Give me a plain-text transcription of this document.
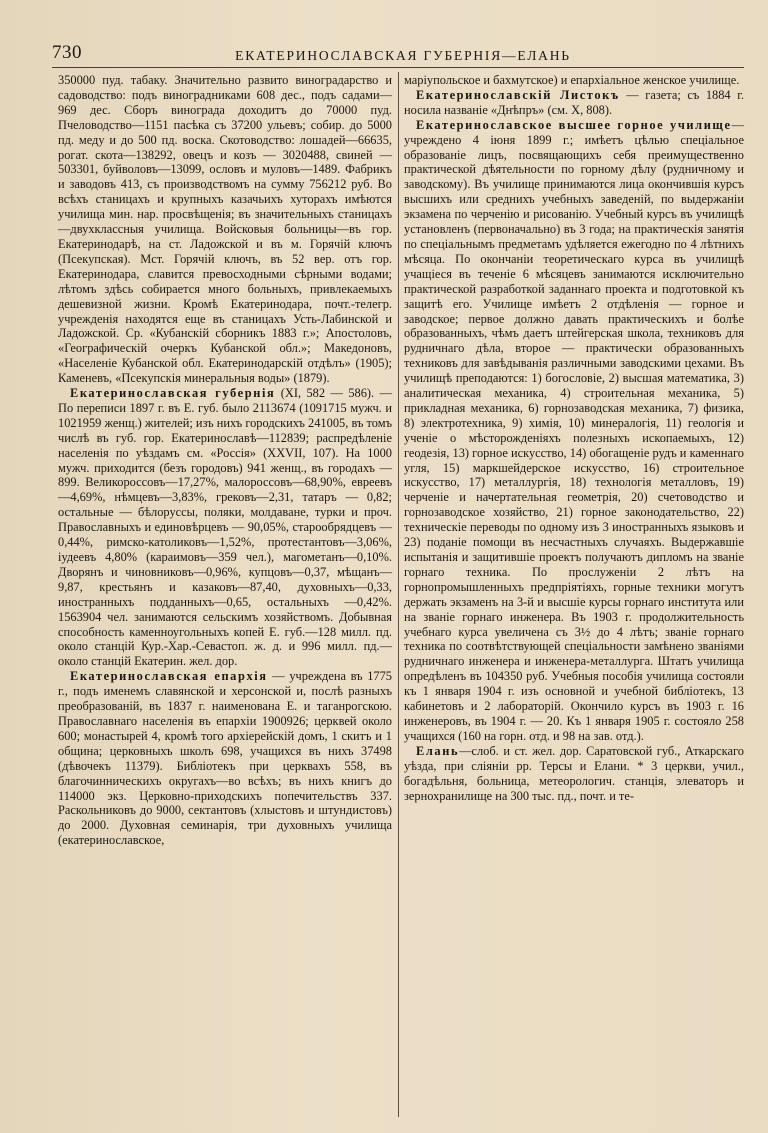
730	ЕКАТЕРИНОСЛАВСКАЯ ГУБЕРНІЯ—ЕЛАНЬ

350000 пуд. табаку. Значительно развито виноградарство и садоводство: подъ виноградниками 608 дес., подъ садами—969 дес. Сборъ винограда доходитъ до 70000 пуд. Пчеловодство—1151 пасѣка съ 37200 ульевъ; собир. до 5000 пд. меду и до 500 пд. воска. Скотоводство: лошадей—66635, рогат. скота—138292, овецъ и козъ — 3020488, свиней — 503301, буйволовъ—13099, ословъ и муловъ—1489. Фабрикъ и заводовъ 413, съ производствомъ на сумму 756212 руб. Во всѣхъ станицахъ и крупныхъ казачьихъ хуторахъ имѣются училища мин. нар. просвѣщенія; въ значительныхъ станицахъ—двухклассныя училища. Войсковыя больницы—въ гор. Екатеринодарѣ, на ст. Ладожской и въ м. Горячій ключъ (Псекупская). Мст. Горячій ключъ, въ 52 вер. отъ гор. Екатеринодара, славится превосходными сѣрными водами; лѣтомъ здѣсь собирается много больныхъ, привлекаемыхъ дешевизной жизни. Кромѣ Екатеринодара, почт.-телегр. учрежденія находятся еще въ станицахъ Усть-Лабинской и Ладожской. Ср. «Кубанскій сборникъ 1883 г.»; Апостоловъ, «Географическій очеркъ Кубанской обл.»; Македоновъ, «Населеніе Кубанской обл. Екатеринодарскій отдѣлъ» (1905); Каменевъ, «Псекупскія минеральныя воды» (1879).

Екатеринославская губернія (XI, 582 — 586). — По переписи 1897 г. въ Е. губ. было 2113674 (1091715 мужч. и 1021959 женщ.) жителей; изъ нихъ городскихъ 241005, въ томъ числѣ въ губ. гор. Екатеринославѣ—112839; распредѣленіе населенія по уѣздамъ см. «Россія» (XXVII, 107). На 1000 мужч. приходится (безъ городовъ) 941 женщ., въ городахъ — 899. Великороссовъ—17,27%, малороссовъ—68,90%, евреевъ—4,69%, нѣмцевъ—3,83%, грековъ—2,31, татаръ — 0,82; остальные — бѣлоруссы, поляки, молдаване, турки и проч. Православныхъ и единовѣрцевъ — 90,05%, старообрядцевъ — 0,44%, римско-католиковъ—1,52%, протестантовъ—3,06%, іудеевъ 4,80% (караимовъ—359 чел.), магометанъ—0,10%. Дворянъ и чиновниковъ—0,96%, купцовъ—0,37, мѣщанъ—9,87, крестьянъ и казаковъ—87,40, духовныхъ—0,33, иностранныхъ подданныхъ—0,65, остальныхъ —0,42%. 1563904 чел. занимаются сельскимъ хозяйствомъ. Добывная способность каменноугольныхъ копей Е. губ.—128 милл. пд. около станцій Кур.-Хар.-Севастоп. ж. д. и 996 милл. пд.—около станцій Екатерин. жел. дор.

Екатеринославская епархія — учреждена въ 1775 г., подъ именемъ славянской и херсонской и, послѣ разныхъ преобразованій, въ 1837 г. наименована Е. и таганрогскою. Православнаго населенія въ епархіи 1900926; церквей около 600; монастырей 4, кромѣ того архіерейскій домъ, 1 скитъ и 1 община; церковныхъ школъ 698, учащихся въ нихъ 37498 (дѣвочекъ 11379). Библіотекъ при церквахъ 558, въ благочинническихъ округахъ—во всѣхъ; въ нихъ книгъ до 114000 экз. Церковно-приходскихъ попечительствъ 337. Раскольниковъ до 9000, сектантовъ (хлыстовъ и штундистовъ) до 2000. Духовная семинарія, три духовныхъ училища (екатеринославское,

маріупольское и бахмутское) и епархіальное женское училище.

Екатеринославскій Листокъ — газета; съ 1884 г. носила названіе «Днѣпръ» (см. X, 808).

Екатеринославское высшее горное училище—учреждено 4 іюня 1899 г.; имѣетъ цѣлью спеціальное образованіе лицъ, посвящающихъ себя преимущественно практической дѣятельности по горному дѣлу (рудничному и заводскому). Въ училище принимаются лица окончившія курсъ высшихъ или среднихъ учебныхъ заведеній, по выдержаніи экзамена по черченію и рисованію. Учебный курсъ въ училищѣ установленъ (первоначально) въ 3 года; на практическія занятія по спеціальнымъ предметамъ удѣляется ежегодно по 4 лѣтнихъ мѣсяца. По окончаніи теоретическаго курса въ училищѣ учащіеся въ теченіе 6 мѣсяцевъ занимаются исключительно практической разработкой заданнаго проекта и подготовкой къ защитѣ его. Училище имѣетъ 2 отдѣленія — горное и заводское; первое должно давать практическихъ и болѣе образованныхъ, чѣмъ даетъ штейгерская школа, техниковъ для рудничнаго дѣла, второе — практически образованныхъ техниковъ для завѣдыванія различными заводскими цехами. Въ училищѣ преподаются: 1) богословіе, 2) высшая математика, 3) аналитическая механика, 4) строительная механика, 5) прикладная механика, 6) горнозаводская механика, 7) физика, 8) электротехника, 9) химія, 10) минералогія, 11) геологія и ученіе о мѣсторожденіяхъ полезныхъ ископаемыхъ, 12) геодезія, 13) горное искусство, 14) обогащеніе рудъ и каменнаго угля, 15) маркшейдерское искусство, 16) строительное искусство, 17) металлургія, 18) технологія металловъ, 19) черченіе и начертательная геометрія, 20) счетоводство и горнозаводское хозяйство, 21) горное законодательство, 22) техническіе переводы по одному изъ 3 иностранныхъ языковъ и 23) поданіе помощи въ несчастныхъ случаяхъ. Выдержавшіе испытанія и защитившіе проектъ получаютъ дипломъ на званіе горнаго техника. По прослуженіи 2 лѣтъ на горнопромышленныхъ предпріятіяхъ, горные техники могутъ держать экзаменъ на 3-й и высшіе курсы горнаго института или на званіе горнаго инженера. Въ 1903 г. продолжительность учебнаго курса увеличена съ 3½ до 4 лѣтъ; званіе горнаго техника по соотвѣтствующей спеціальности замѣнено званіями рудничнаго инженера и инженера-металлурга. Штатъ училища опредѣленъ въ 104350 руб. Учебныя пособія училища состояли къ 1 января 1904 г. изъ основной и учебной библіотекъ, 13 кабинетовъ и 2 лабораторій. Окончило курсъ въ 1903 г. 16 инженеровъ, въ 1904 г. — 20. Къ 1 января 1905 г. состояло 258 учащихся (160 на горн. отд. и 98 на зав. отд.).

Елань—слоб. и ст. жел. дор. Саратовской губ., Аткарскаго уѣзда, при сліяніи рр. Терсы и Елани. * 3 церкви, учил., богадѣльня, больница, метеорологич. станція, элеваторъ и зернохранилище на 300 тыс. пд., почт. и те-
